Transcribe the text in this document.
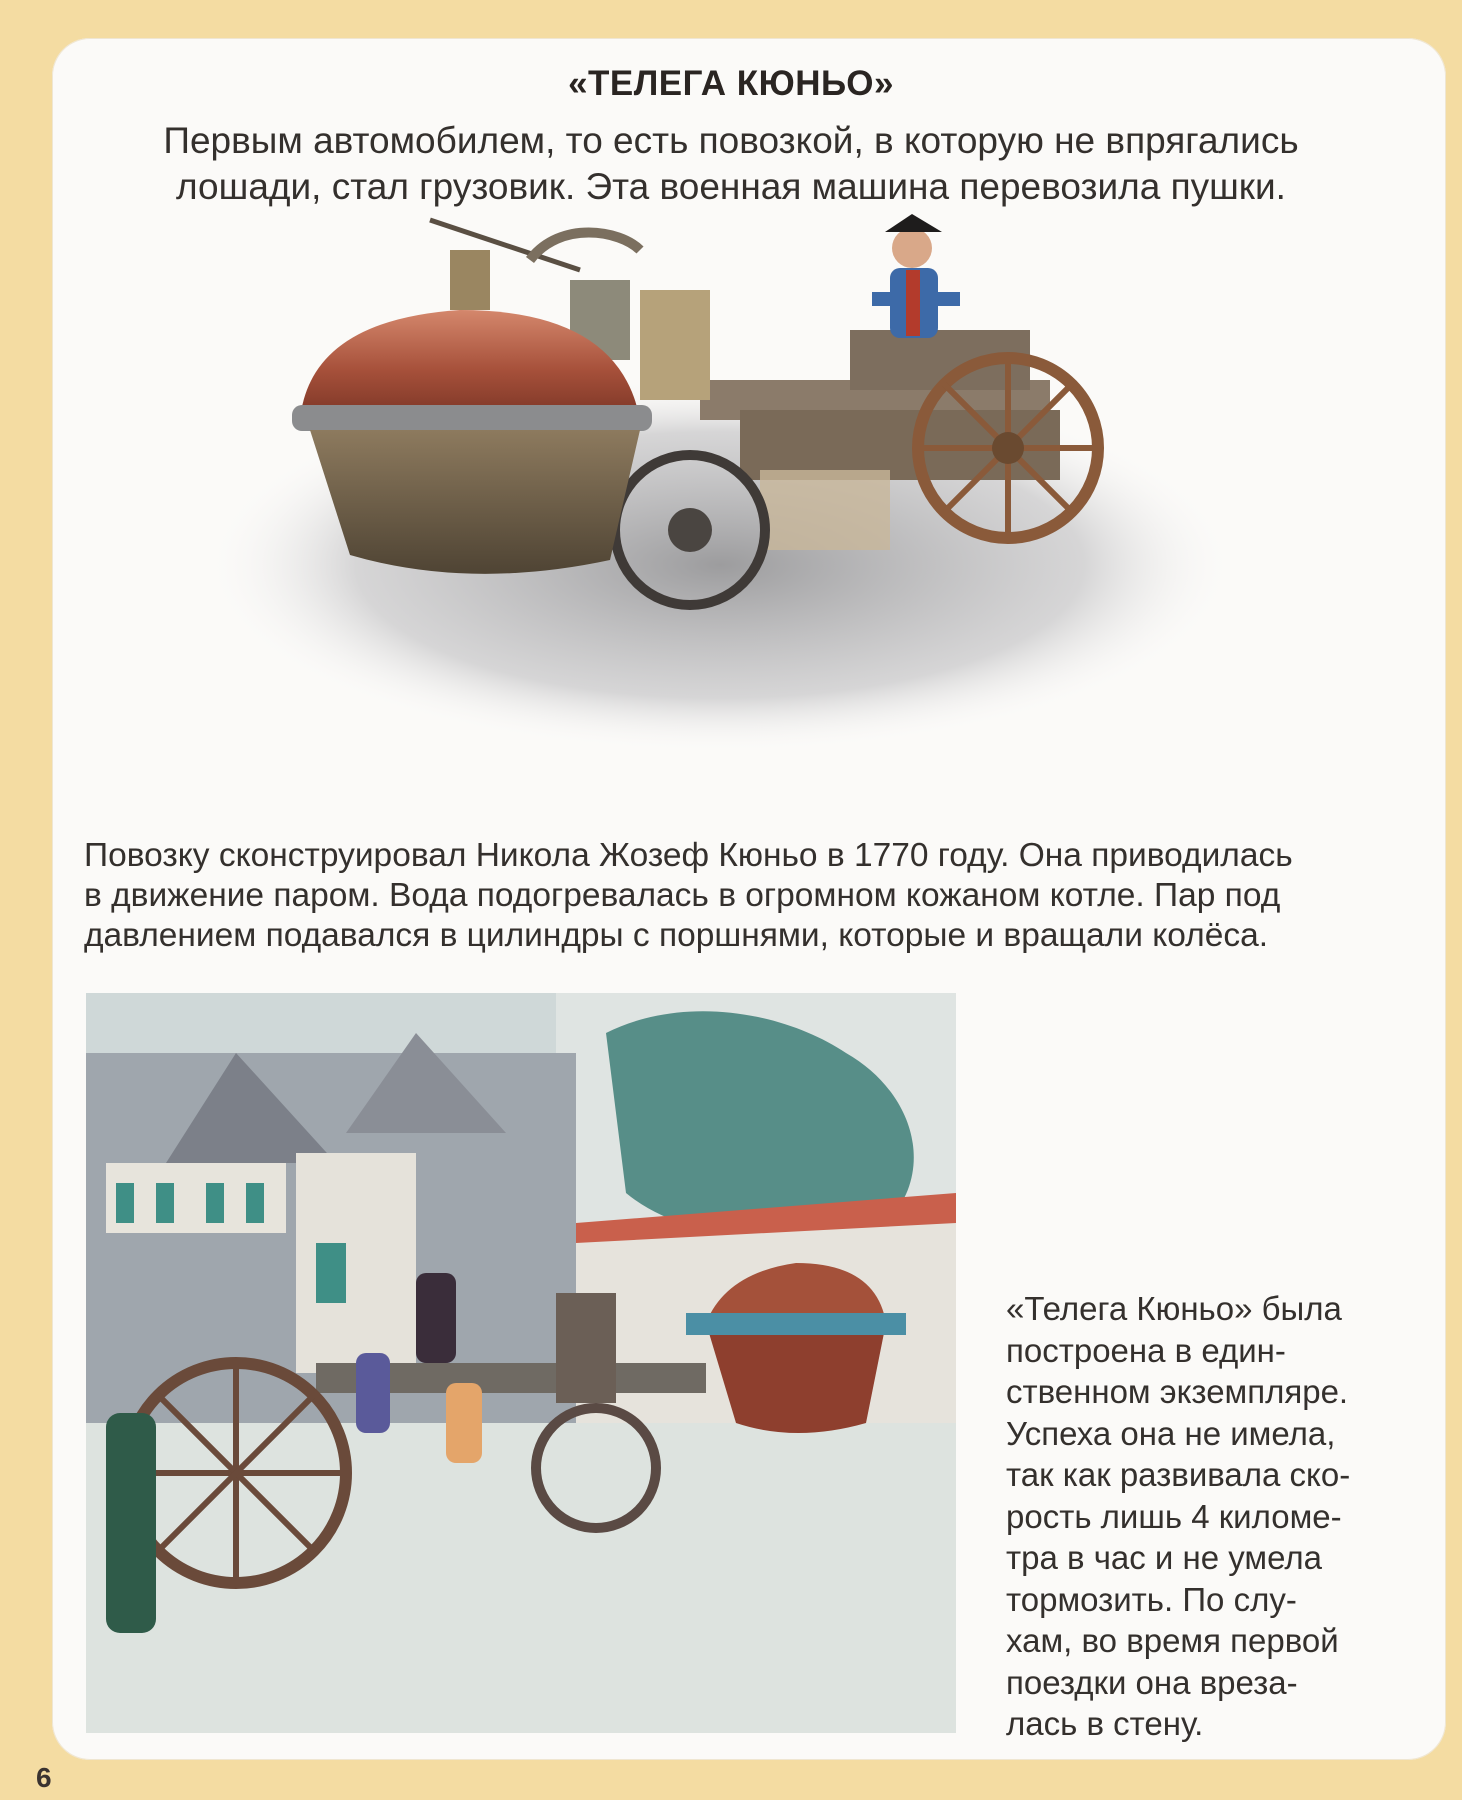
«ТЕЛЕГА КЮНЬО»
Первым автомобилем, то есть повозкой, в которую не впрягались
лошади, стал грузовик. Эта военная машина перевозила пушки.
Повозку сконструировал Никола Жозеф Кюньо в 1770 году. Она приводилась
в движение паром. Вода подогревалась в огромном кожаном котле. Пар под
давлением подавался в цилиндры с поршнями, которые и вращали колёса.
«Телега Кюньо» была
построена в един-
ственном экземпляре.
Успеха она не имела,
так как развивала ско-
рость лишь 4 киломе-
тра в час и не умела
тормозить. По слу-
хам, во время первой
поездки она вреза-
лась в стену.
6
